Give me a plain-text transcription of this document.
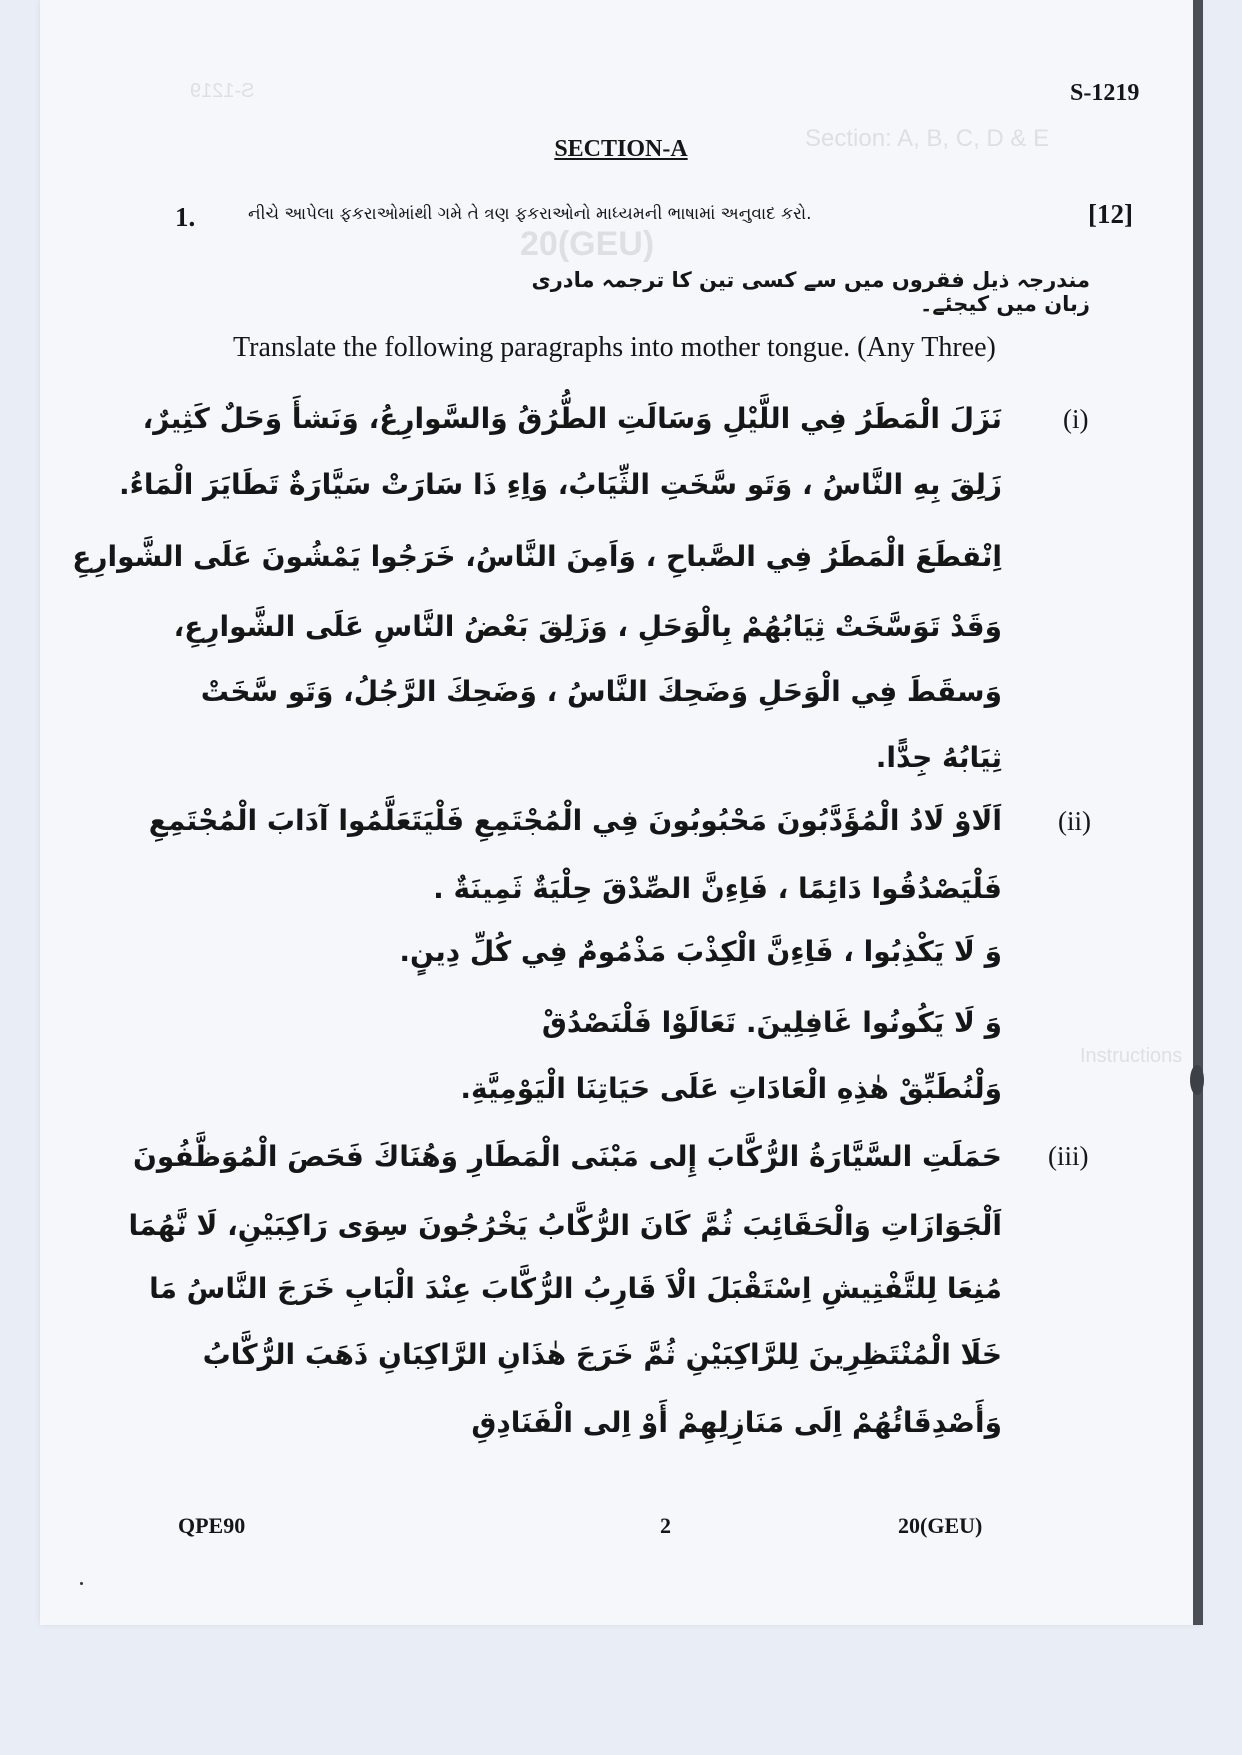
S-1219
Section: A, B, C, D & E
20(GEU)
Instructions
S-1219
SECTION-A
1.	નીચે આપેલા ફકરાઓમાંથી ગમે તે ત્રણ ફકરાઓનો માધ્યમની ભાષામાં અનુવાદ કરો.	[12]
مندرجہ ذیل فقروں میں سے کسی تین کا ترجمہ مادری زبان میں کیجئے۔
Translate the following paragraphs into mother tongue. (Any Three)
(i)
نَزَلَ الْمَطَرُ فِي اللَّيْلِ وَسَالَتِ الطُّرُقُ وَالسَّوارِعُ، وَنَشأَ وَحَلٌ كَثِيرٌ،
زَلِقَ بِهِ النَّاسُ ، وَتَو سَّخَتِ الثِّيَابُ، وَاِءِ ذَا سَارَتْ سَيَّارَةٌ تَطَايَرَ الْمَاءُ.
اِنْقطَعَ الْمَطَرُ فِي الصَّباحِ ، وَاَمِنَ النَّاسُ، خَرَجُوا يَمْشُونَ عَلَى الشَّوارِعِ
وَقَدْ تَوَسَّخَتْ ثِيَابُهُمْ بِالْوَحَلِ ، وَزَلِقَ بَعْضُ النَّاسِ عَلَى الشَّوارِعِ،
وَسقَطَ فِي الْوَحَلِ وَضَحِكَ النَّاسُ ، وَضَحِكَ الرَّجُلُ، وَتَو سَّخَتْ
ثِيَابُهُ جِدًّا.
(ii)
اَلَاوْ لَادُ الْمُؤَدَّبُونَ مَحْبُوبُونَ فِي الْمُجْتَمِعِ فَلْيَتَعَلَّمُوا آدَابَ الْمُجْتَمِعِ
فَلْيَصْدُقُوا دَائِمًا ، فَاِءِنَّ الصِّدْقَ حِلْيَةٌ ثَمِينَةٌ .
وَ لَا يَكْذِبُوا ، فَاِءِنَّ الْكِذْبَ مَذْمُومٌ فِي كُلِّ دِينٍ.
وَ لَا يَكُونُوا غَافِلِينَ. تَعَالَوْا فَلْنَصْدُقْ
وَلْنُطَبِّقْ هٰذِهِ الْعَادَاتِ عَلَى حَيَاتِنَا الْيَوْمِيَّةِ.
(iii)
حَمَلَتِ السَّيَّارَةُ الرُّكَّابَ إِلى مَبْنَى الْمَطَارِ وَهُنَاكَ فَحَصَ الْمُوَظَّفُونَ
اَلْجَوَازَاتِ وَالْحَقَائِبَ ثُمَّ كَانَ الرُّكَّابُ يَخْرُجُونَ سِوَى رَاكِبَيْنِ، لَا نَّهُمَا
مُنِعَا لِلتَّفْتِيشِ اِسْتَقْبَلَ الْاَ قَارِبُ الرُّكَّابَ عِنْدَ الْبَابِ خَرَجَ النَّاسُ مَا
خَلَا الْمُنْتَظِرِينَ لِلرَّاكِبَيْنِ ثُمَّ خَرَجَ هٰذَانِ الرَّاكِبَانِ ذَهَبَ الرُّكَّابُ
وَأَصْدِقَائُهُمْ اِلَى مَنَازِلِهِمْ أَوْ اِلى الْفَنَادِقِ
QPE90	2	20(GEU)
